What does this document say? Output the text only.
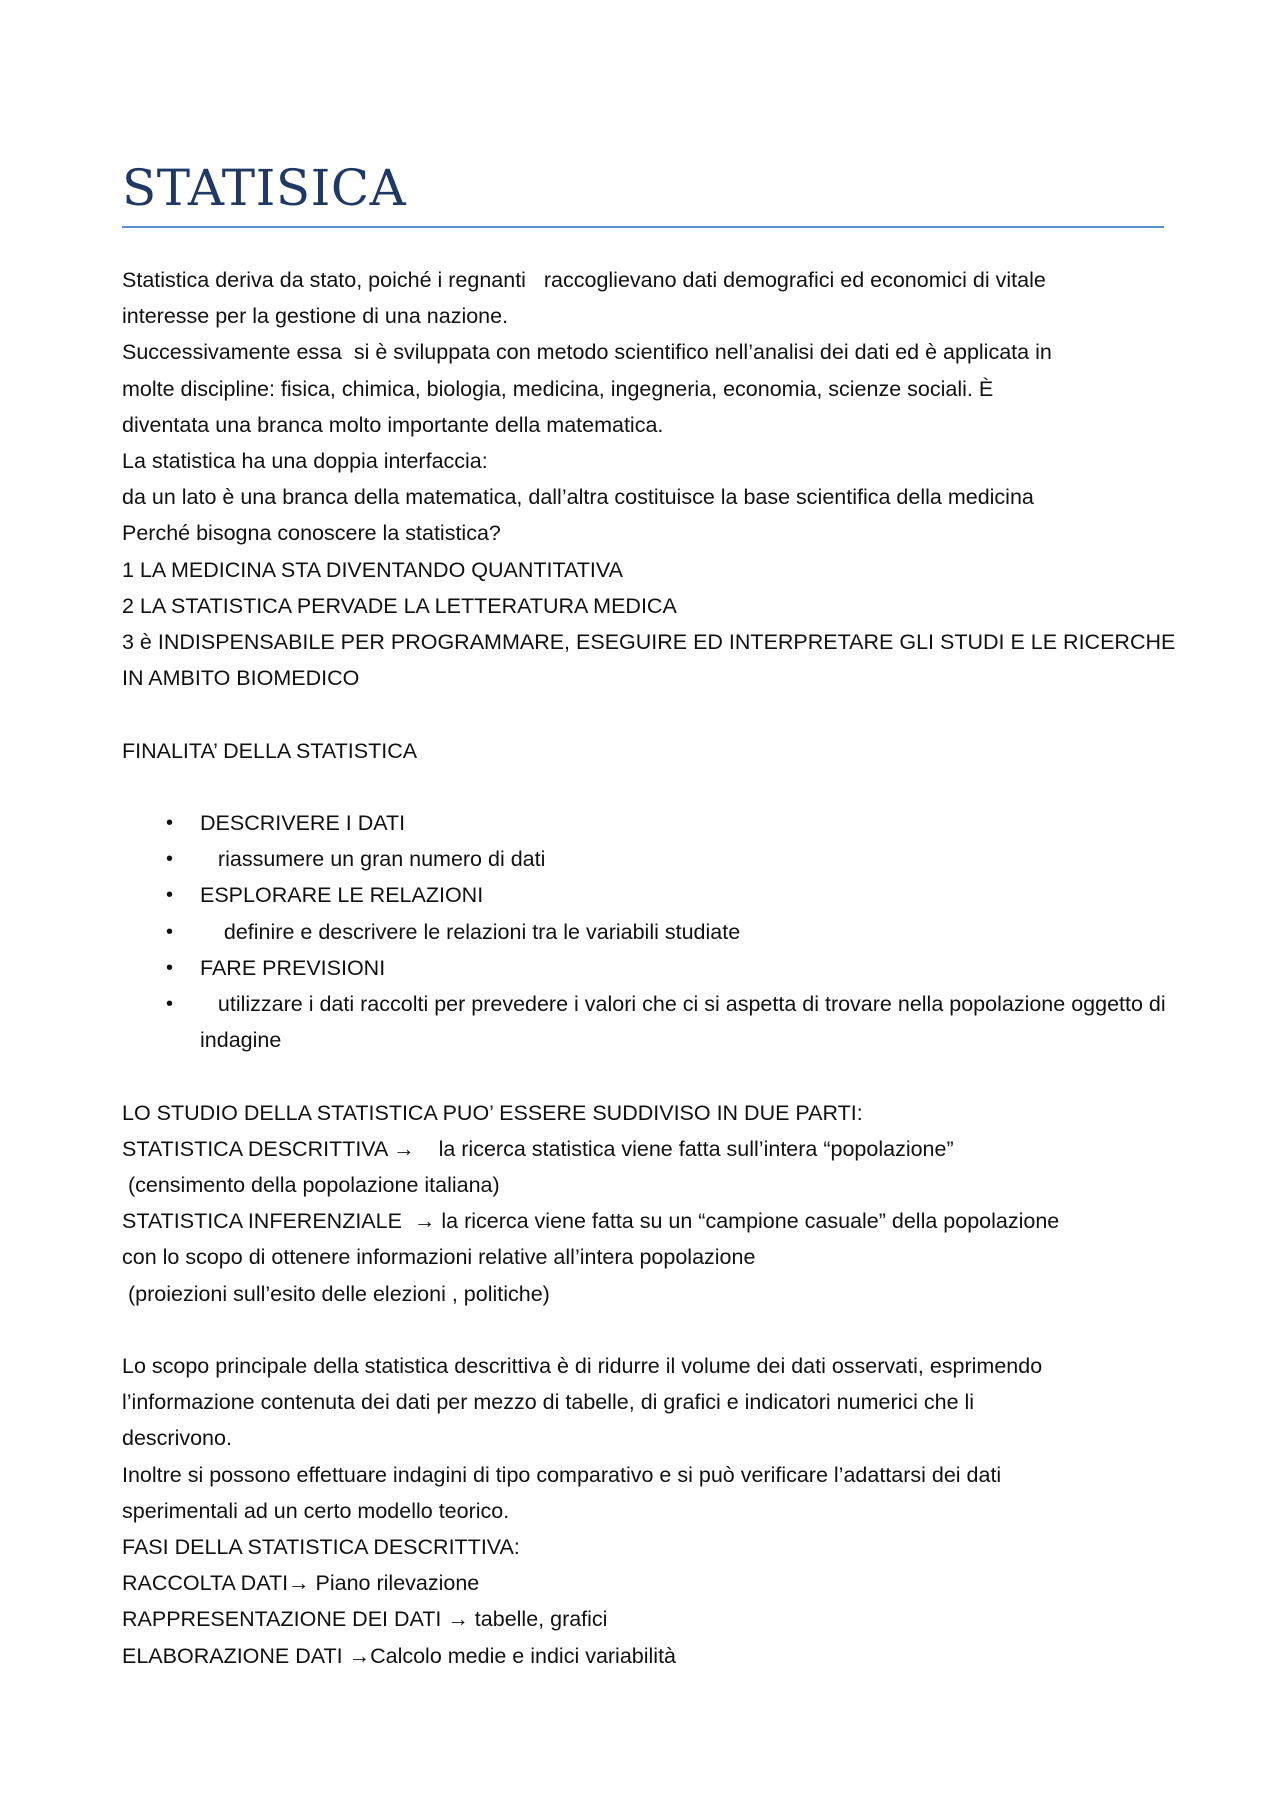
STATISICA
Statistica deriva da stato, poiché i regnanti   raccoglievano dati demografici ed economici di vitale
interesse per la gestione di una nazione.
Successivamente essa  si è sviluppata con metodo scientifico nell’analisi dei dati ed è applicata in
molte discipline: fisica, chimica, biologia, medicina, ingegneria, economia, scienze sociali. È
diventata una branca molto importante della matematica.
La statistica ha una doppia interfaccia:
da un lato è una branca della matematica, dall’altra costituisce la base scientifica della medicina
Perché bisogna conoscere la statistica?
1 LA MEDICINA STA DIVENTANDO QUANTITATIVA
2 LA STATISTICA PERVADE LA LETTERATURA MEDICA
3 è INDISPENSABILE PER PROGRAMMARE, ESEGUIRE ED INTERPRETARE GLI STUDI E LE RICERCHE
IN AMBITO BIOMEDICO
FINALITA’ DELLA STATISTICA
• DESCRIVERE I DATI
• riassumere un gran numero di dati
• ESPLORARE LE RELAZIONI
• definire e descrivere le relazioni tra le variabili studiate
• FARE PREVISIONI
• utilizzare i dati raccolti per prevedere i valori che ci si aspetta di trovare nella popolazione oggetto di indagine
LO STUDIO DELLA STATISTICA PUO’ ESSERE SUDDIVISO IN DUE PARTI:
STATISTICA DESCRITTIVA →    la ricerca statistica viene fatta sull’intera “popolazione”
(censimento della popolazione italiana)
STATISTICA INFERENZIALE  → la ricerca viene fatta su un “campione casuale” della popolazione
con lo scopo di ottenere informazioni relative all’intera popolazione
(proiezioni sull’esito delle elezioni , politiche)
Lo scopo principale della statistica descrittiva è di ridurre il volume dei dati osservati, esprimendo
l’informazione contenuta dei dati per mezzo di tabelle, di grafici e indicatori numerici che li
descrivono.
Inoltre si possono effettuare indagini di tipo comparativo e si può verificare l’adattarsi dei dati
sperimentali ad un certo modello teorico.
FASI DELLA STATISTICA DESCRITTIVA:
RACCOLTA DATI→ Piano rilevazione
RAPPRESENTAZIONE DEI DATI → tabelle, grafici
ELABORAZIONE DATI →Calcolo medie e indici variabilità
